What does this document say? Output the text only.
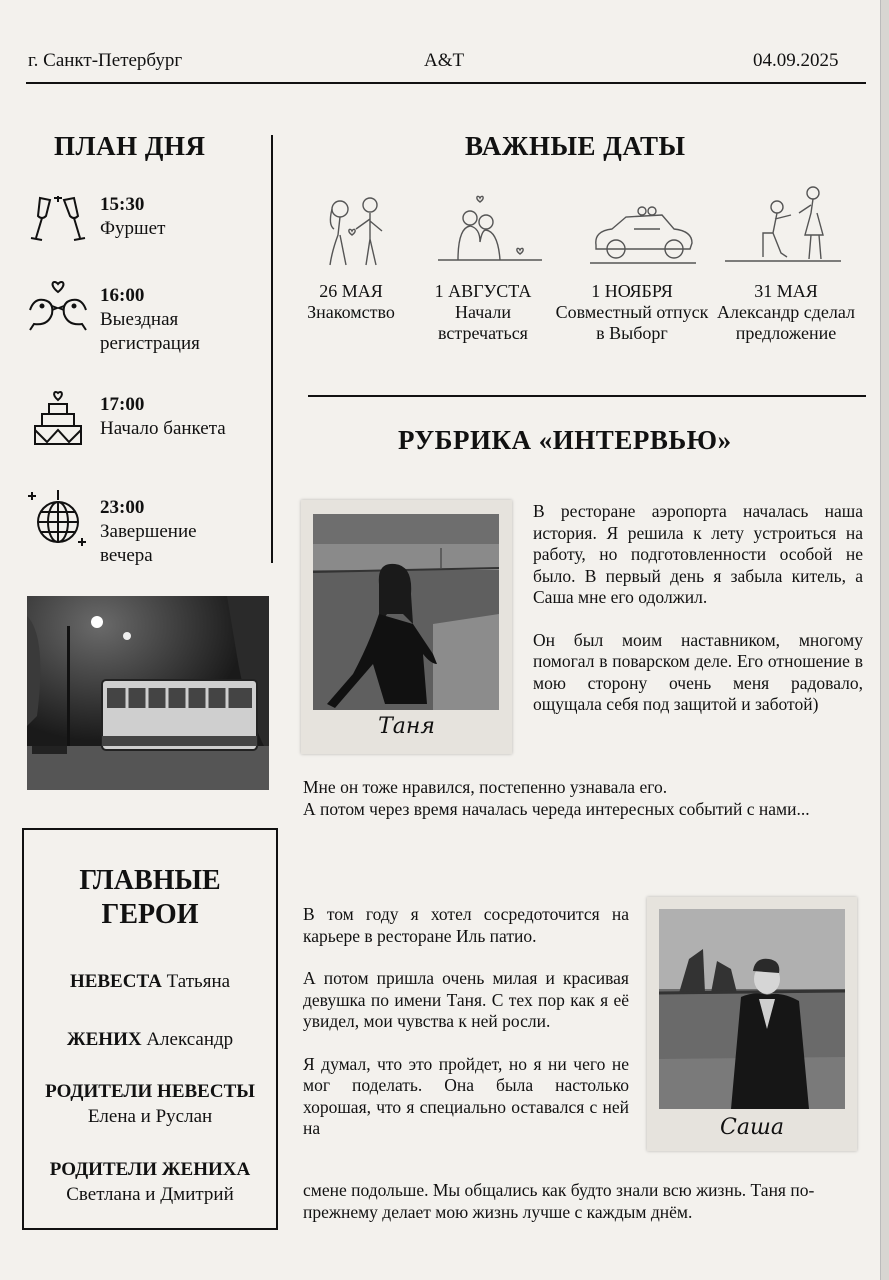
г. Санкт-Петербург	A&T	04.09.2025
ПЛАН ДНЯ
15:30
Фуршет
16:00
Выездная регистрация
17:00
Начало банкета
23:00
Завершение вечера
ГЛАВНЫЕ
ГЕРОИ
НЕВЕСТА Татьяна
ЖЕНИХ Александр
РОДИТЕЛИ НЕВЕСТЫ
Елена и Руслан
РОДИТЕЛИ ЖЕНИХА
Светлана и Дмитрий
ВАЖНЫЕ ДАТЫ
26 МАЯ
Знакомство
1 АВГУСТА
Начали встречаться
1 НОЯБРЯ
Совместный отпуск в Выборг
31 МАЯ
Александр сделал предложение
РУБРИКА «ИНТЕРВЬЮ»
Таня

В ресторане аэропорта началась наша история. Я решила к лету устроиться на работу, но подготовленности особой не было. В первый день я забыла китель, а Саша мне его одолжил.

Он был моим наставником, многому помогал в поварском деле. Его отношение в мою сторону очень меня радовало, ощущала себя под защитой и заботой)

Мне он тоже нравился, постепенно узнавала его.
А потом через время началась череда интересных событий с нами...

В том году я хотел сосредоточится на карьере в ресторане Иль патио.

А потом пришла очень милая и красивая девушка по имени Таня. С тех пор как я её увидел, мои чувства к ней росли.

Я думал, что это пройдет, но я ни чего не мог поделать. Она была настолько хорошая, что я специально оставался с ней на

смене подольше. Мы общались как будто знали всю жизнь. Таня по-прежнему делает мою жизнь лучше с каждым днём.
Саша
